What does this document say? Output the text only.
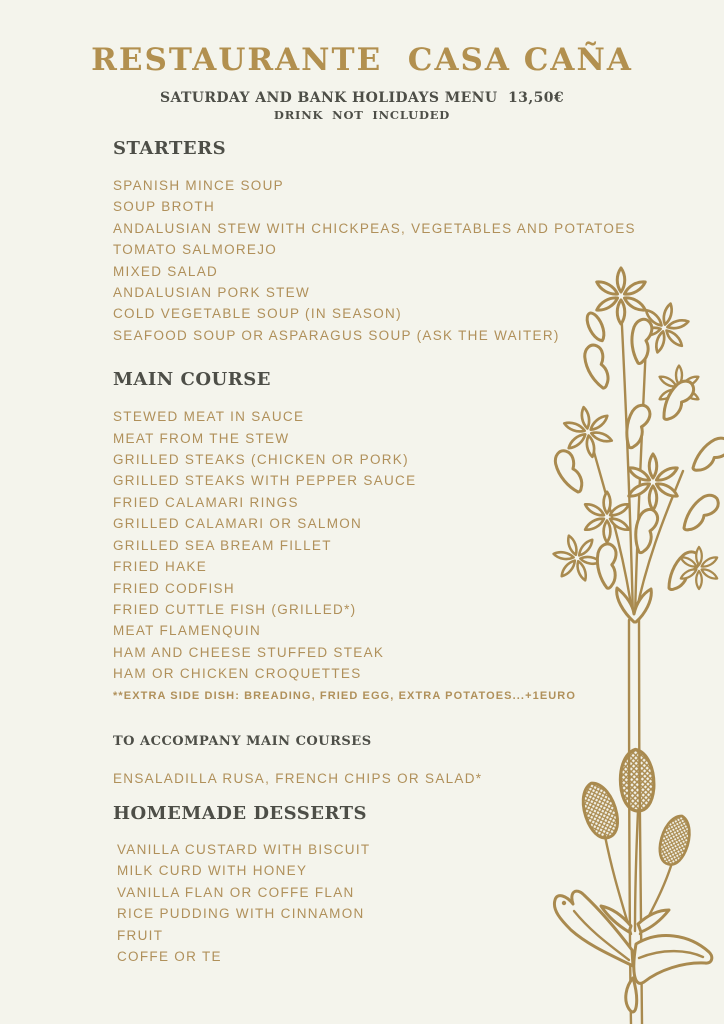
RESTAURANTE  CASA CAÑA
SATURDAY AND BANK HOLIDAYS MENU  13,50€
DRINK NOT INCLUDED
STARTERS
SPANISH MINCE SOUP
SOUP BROTH
ANDALUSIAN STEW WITH CHICKPEAS, VEGETABLES AND POTATOES
TOMATO SALMOREJO
MIXED SALAD
ANDALUSIAN PORK STEW
COLD VEGETABLE SOUP (IN SEASON)
SEAFOOD SOUP OR ASPARAGUS SOUP (ASK THE WAITER)
MAIN COURSE
STEWED MEAT IN SAUCE
MEAT FROM THE STEW
GRILLED STEAKS (CHICKEN OR PORK)
GRILLED STEAKS WITH PEPPER SAUCE
FRIED CALAMARI RINGS
GRILLED CALAMARI OR SALMON
GRILLED SEA BREAM FILLET
FRIED HAKE
FRIED CODFISH
FRIED CUTTLE FISH (GRILLED*)
MEAT FLAMENQUIN
HAM AND CHEESE STUFFED STEAK
HAM OR CHICKEN CROQUETTES
**EXTRA SIDE DISH: BREADING, FRIED EGG, EXTRA POTATOES...+1EURO
TO ACCOMPANY MAIN COURSES
ENSALADILLA RUSA, FRENCH CHIPS OR SALAD*
HOMEMADE DESSERTS
VANILLA CUSTARD WITH BISCUIT
MILK CURD WITH HONEY
VANILLA FLAN OR COFFE FLAN
RICE PUDDING WITH CINNAMON
FRUIT
COFFE OR TE
